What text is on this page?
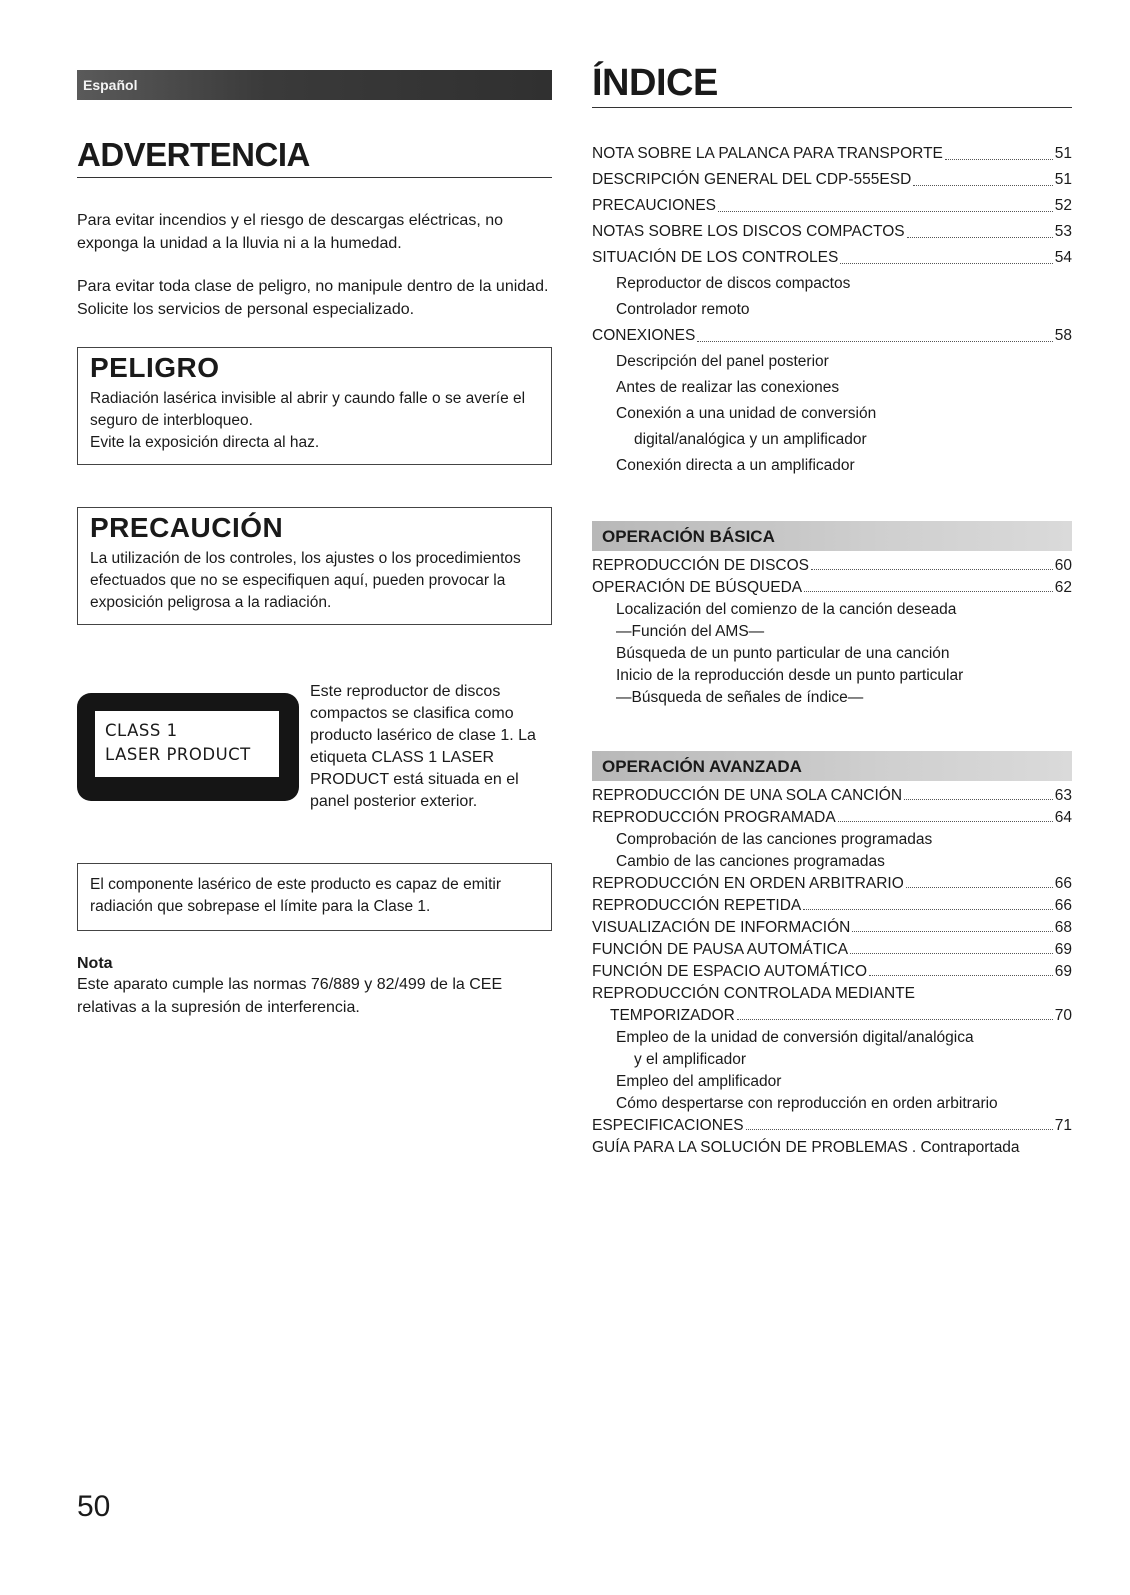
Español
ADVERTENCIA

Para evitar incendios y el riesgo de descargas eléctricas, no exponga la unidad a la lluvia ni a la humedad.

Para evitar toda clase de peligro, no manipule dentro de la unidad. Solicite los servicios de personal especializado.

PELIGRO

Radiación lasérica invisible al abrir y caundo falle o se averíe el seguro de interbloqueo.

Evite la exposición directa al haz.

PRECAUCIÓN

La utilización de los controles, los ajustes o los procedimientos efectuados que no se especifiquen aquí, pueden provocar la exposición peligrosa a la radiación.

CLASS 1
LASER PRODUCT
Este reproductor de discos compactos se clasifica como producto lasérico de clase 1. La etiqueta CLASS 1 LASER PRODUCT está situada en el panel posterior exterior.

El componente lasérico de este producto es capaz de emitir radiación que sobrepase el límite para la Clase 1.

Nota

Este aparato cumple las normas 76/889 y 82/499 de la CEE relativas a la supresión de interferencia.

ÍNDICE
NOTA SOBRE LA PALANCA PARA TRANSPORTE	51
DESCRIPCIÓN GENERAL DEL CDP-555ESD	51
PRECAUCIONES	52
NOTAS SOBRE LOS DISCOS COMPACTOS	53
SITUACIÓN DE LOS CONTROLES	54
Reproductor de discos compactos
Controlador remoto
CONEXIONES	58
Descripción del panel posterior
Antes de realizar las conexiones
Conexión a una unidad de conversión
digital/analógica y un amplificador
Conexión directa a un amplificador
OPERACIÓN BÁSICA
REPRODUCCIÓN DE DISCOS	60
OPERACIÓN DE BÚSQUEDA	62
Localización del comienzo de la canción deseada
—Función del AMS—
Búsqueda de un punto particular de una canción
Inicio de la reproducción desde un punto particular
—Búsqueda de señales de índice—
OPERACIÓN AVANZADA
REPRODUCCIÓN DE UNA SOLA CANCIÓN	63
REPRODUCCIÓN PROGRAMADA	64
Comprobación de las canciones programadas
Cambio de las canciones programadas
REPRODUCCIÓN EN ORDEN ARBITRARIO	66
REPRODUCCIÓN REPETIDA	66
VISUALIZACIÓN DE INFORMACIÓN	68
FUNCIÓN DE PAUSA AUTOMÁTICA	69
FUNCIÓN DE ESPACIO AUTOMÁTICO	69
REPRODUCCIÓN CONTROLADA MEDIANTE
TEMPORIZADOR	70
Empleo de la unidad de conversión digital/analógica
y el amplificador
Empleo del amplificador
Cómo despertarse con reproducción en orden arbitrario
ESPECIFICACIONES	71
GUÍA PARA LA SOLUCIÓN DE PROBLEMAS . Contraportada
50
